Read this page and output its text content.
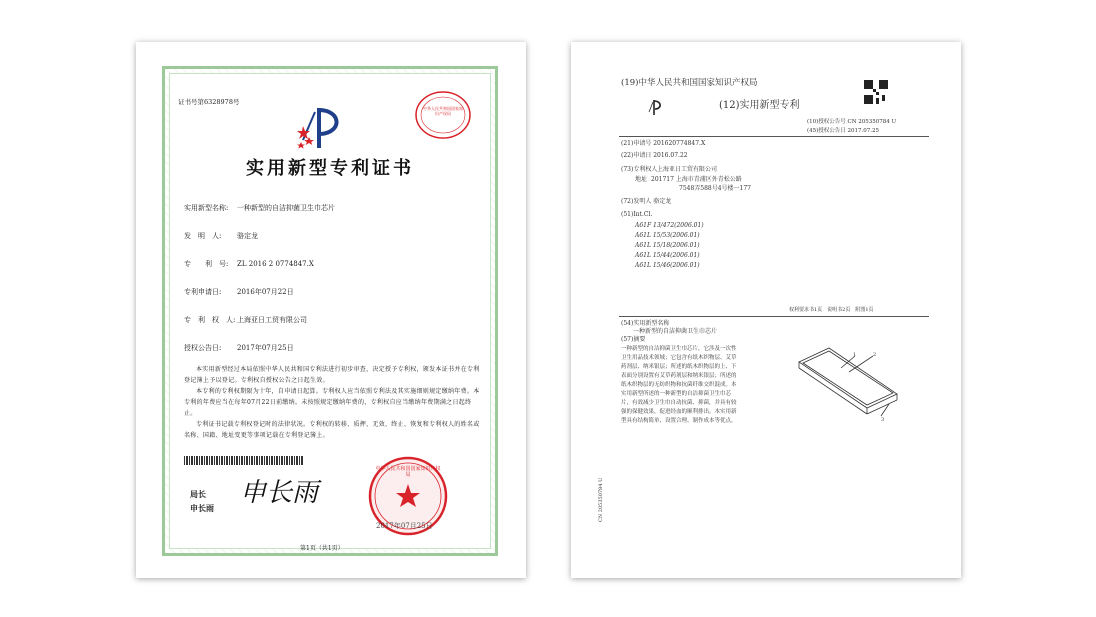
证书号第6328978号
中华人民共和国国家知识产权局
实用新型专利证书
实用新型名称: 一种新型的自洁抑菌卫生巾芯片
发　明　人: 骆定龙
专　　利　号: ZL 2016 2 0774847.X
专利申请日: 2016年07月22日
专　利　权　人: 上海亚日工贸有限公司
授权公告日: 2017年07月25日
本实用新型经过本局依照中华人民共和国专利法进行初步审查，决定授予专利权，颁发本证书并在专利登记簿上予以登记。专利权自授权公告之日起生效。
本专利的专利权期限为十年，自申请日起算。专利权人应当依照专利法及其实施细则规定缴纳年费。本专利的年费应当在每年07月22日前缴纳。未按照规定缴纳年费的，专利权自应当缴纳年费期满之日起终止。
专利证书记载专利权登记时的法律状况。专利权的转移、质押、无效、终止、恢复和专利权人的姓名或名称、国籍、地址变更等事项记载在专利登记簿上。
局长
申长雨 申长雨
中华人民共和国国家知识产权局
2017年07月25日
第1页（共1页）
(19)中华人民共和国国家知识产权局
(12)实用新型专利
(10)授权公告号 CN 205350784 U
(45)授权公告日 2017.07.25
(21)申请号 201620774847.X
(22)申请日 2016.07.22
(73)专利权人 上海亚日工贸有限公司
地址 201717 上海市青浦区外青松公路
7548弄588号4号楼一177
(72)发明人 骆定龙
(51)Int.Cl.
A61F 13/472(2006.01)
A61L 15/53(2006.01)
A61L 15/18(2006.01)
A61L 15/44(2006.01)
A61L 15/46(2006.01)
权利要求书1页　说明书2页　附图1页
(54)实用新型名称
一种新型的自洁抑菌卫生巾芯片
(57)摘要
一种新型的自洁抑菌卫生巾芯片，它涉及一次性卫生用品技术领域；它包含有纸木织物层、艾草药剂层、纳米银层；所述的纸木织物层的上、下表面分别设置有艾草药剂层和纳米银层；所述的纸木织物层的无纺织物和抗菌纤维交织混成。本实用新型所述的一种新型的自洁抑菌卫生巾芯片，有效减少卫生巾自动抗菌、抑菌，并具有较强的保健效果，促进经血的顺利排出。本实用新型具有结构简单、设置合理、制作成本等优点。
1	2
3
CN 205350784 U
